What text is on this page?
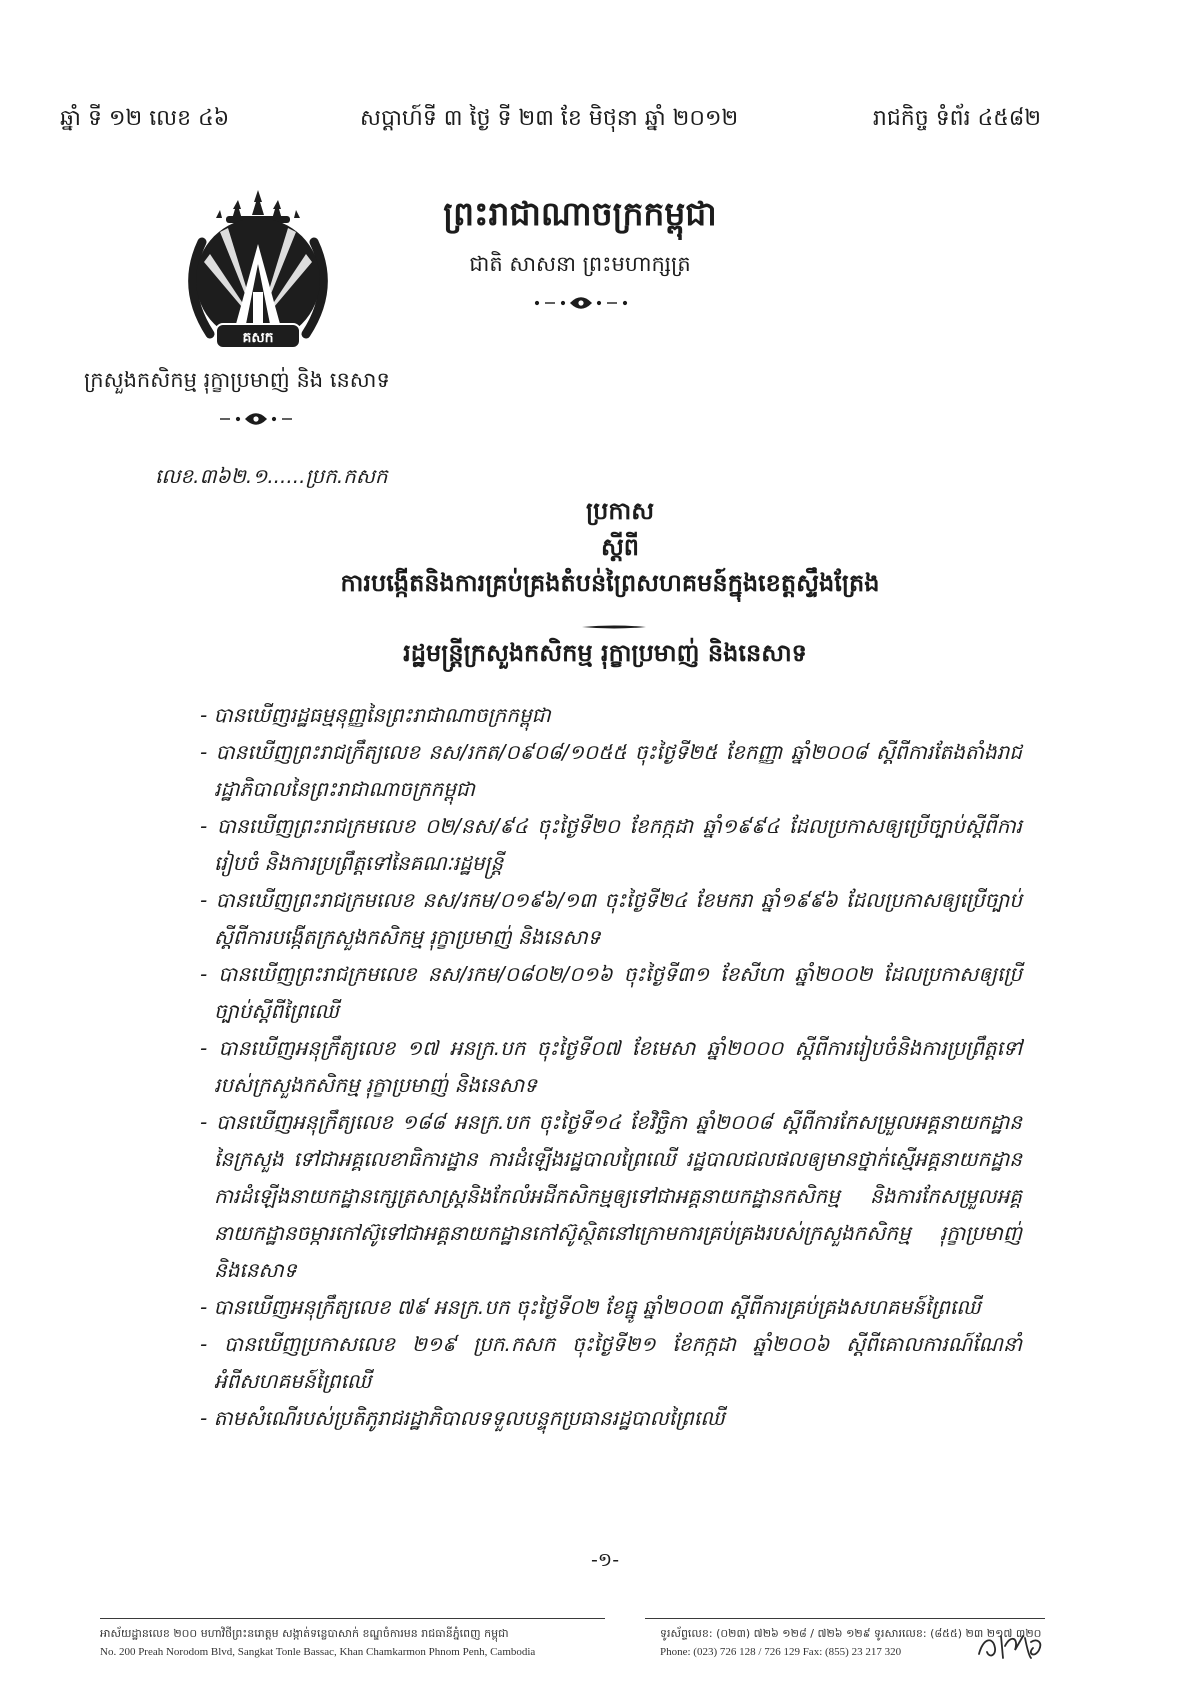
ឆ្នាំ ទី ១២ លេខ ៤៦	សប្តាហ៍ទី ៣ ថ្ងៃ ទី ២៣ ខែ មិថុនា ឆ្នាំ ២០១២	រាជកិច្ច ទំព័រ ៤៥៨២
គសក
ព្រះរាជាណាចក្រកម្ពុជា
ជាតិ សាសនា ព្រះមហាក្សត្រ
ក្រសួងកសិកម្ម រុក្ខាប្រមាញ់ និង នេសាទ
លេខ.៣៦២.១......ប្រក.កសក
ប្រកាស
ស្តីពី
ការបង្កើតនិងការគ្រប់គ្រងតំបន់ព្រៃសហគមន៍ក្នុងខេត្តស្ទឹងត្រែង
រដ្ឋមន្ត្រីក្រសួងកសិកម្ម រុក្ខាប្រមាញ់ និងនេសាទ

- បានឃើញរដ្ឋធម្មនុញ្ញនៃព្រះរាជាណាចក្រកម្ពុជា

- បានឃើញព្រះរាជក្រឹត្យលេខ នស/រកត/០៩០៨/១០៥៥ ចុះថ្ងៃទី២៥ ខែកញ្ញា ឆ្នាំ២០០៨ ស្តីពីការតែងតាំងរាជរដ្ឋាភិបាលនៃព្រះរាជាណាចក្រកម្ពុជា

- បានឃើញព្រះរាជក្រមលេខ ០២/នស/៩៤ ចុះថ្ងៃទី២០ ខែកក្កដា ឆ្នាំ១៩៩៤ ដែលប្រកាសឲ្យប្រើច្បាប់ស្តីពីការរៀបចំ និងការប្រព្រឹត្តទៅនៃគណៈរដ្ឋមន្ត្រី

- បានឃើញព្រះរាជក្រមលេខ នស/រកម/០១៩៦/១៣ ចុះថ្ងៃទី២៤ ខែមករា ឆ្នាំ១៩៩៦ ដែលប្រកាសឲ្យប្រើច្បាប់ស្តីពីការបង្កើតក្រសួងកសិកម្ម រុក្ខាប្រមាញ់ និងនេសាទ

- បានឃើញព្រះរាជក្រមលេខ នស/រកម/០៨០២/០១៦ ចុះថ្ងៃទី៣១ ខែសីហា ឆ្នាំ២០០២ ដែលប្រកាសឲ្យប្រើច្បាប់ស្តីពីព្រៃឈើ

- បានឃើញអនុក្រឹត្យលេខ ១៧ អនក្រ.បក ចុះថ្ងៃទី០៧ ខែមេសា ឆ្នាំ២០០០ ស្តីពីការរៀបចំនិងការប្រព្រឹត្តទៅរបស់ក្រសួងកសិកម្ម រុក្ខាប្រមាញ់ និងនេសាទ

- បានឃើញអនុក្រឹត្យលេខ ១៨៨ អនក្រ.បក ចុះថ្ងៃទី១៤ ខែវិច្ឆិកា ឆ្នាំ២០០៨ ស្តីពីការកែសម្រួលអគ្គនាយកដ្ឋាននៃក្រសួង ទៅជាអគ្គលេខាធិការដ្ឋាន ការដំឡើងរដ្ឋបាលព្រៃឈើ រដ្ឋបាលជលផលឲ្យមានថ្នាក់ស្មើអគ្គនាយកដ្ឋាន ការដំឡើងនាយកដ្ឋានក្សេត្រសាស្ត្រនិងកែលំអដីកសិកម្មឲ្យទៅជាអគ្គនាយកដ្ឋានកសិកម្ម និងការកែសម្រួលអគ្គនាយកដ្ឋានចម្ការកៅស៊ូទៅជាអគ្គនាយកដ្ឋានកៅស៊ូស្ថិតនៅក្រោមការគ្រប់គ្រងរបស់ក្រសួងកសិកម្ម រុក្ខាប្រមាញ់ និងនេសាទ

- បានឃើញអនុក្រឹត្យលេខ ៧៩ អនក្រ.បក ចុះថ្ងៃទី០២ ខែធ្នូ ឆ្នាំ២០០៣ ស្តីពីការគ្រប់គ្រងសហគមន៍ព្រៃឈើ

- បានឃើញប្រកាសលេខ ២១៩ ប្រក.កសក ចុះថ្ងៃទី២១ ខែកក្កដា ឆ្នាំ២០០៦ ស្តីពីគោលការណ៍ណែនាំអំពីសហគមន៍ព្រៃឈើ

- តាមសំណើរបស់ប្រតិភូរាជរដ្ឋាភិបាលទទួលបន្ទុកប្រធានរដ្ឋបាលព្រៃឈើ

-១-
អាស័យដ្ឋានលេខ ២០០ មហាវិថីព្រះនរោត្តម សង្កាត់ទន្លេបាសាក់ ខណ្ឌចំការមន រាជធានីភ្នំពេញ កម្ពុជា
No. 200 Preah Norodom Blvd, Sangkat Tonle Bassac, Khan Chamkarmon Phnom Penh, Cambodia
ទូរស័ព្ទលេខ: (០២៣) ៧២៦ ១២៨ / ៧២៦ ១២៩ ទូរសារលេខ: (៨៥៥) ២៣ ២១៧ ៣២០
Phone: (023) 726 128 / 726 129 Fax: (855) 23 217 320
